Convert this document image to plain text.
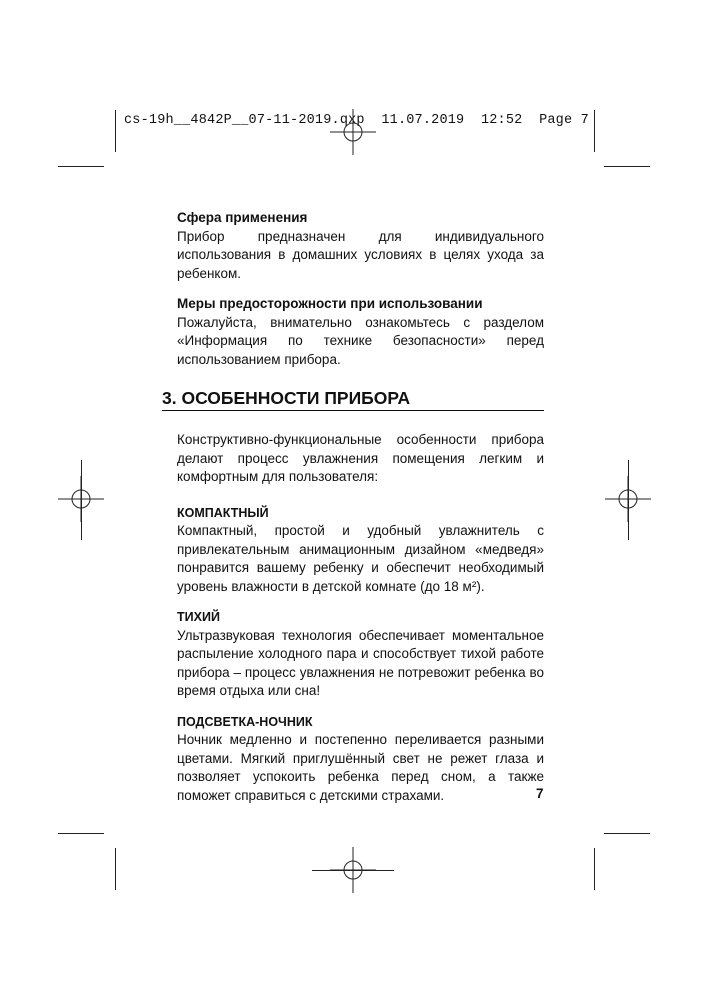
cs-19h__4842P__07-11-2019.qxp  11.07.2019  12:52  Page 7

Сфера применения

Прибор предназначен для индивидуального использования в домашних условиях в целях ухода за ребенком.

Меры предосторожности при использовании

Пожалуйста, внимательно ознакомьтесь с разделом «Информация по технике безопасности» перед использованием прибора.

3. ОСОБЕННОСТИ ПРИБОРА

Конструктивно-функциональные особенности прибора делают процесс увлажнения помещения легким и комфортным для пользователя:

КОМПАКТНЫЙ

Компактный, простой и удобный увлажнитель с привлекательным анимационным дизайном «медведя» понравится вашему ребенку и обеспечит необходимый уровень влажности в детской комнате (до 18 м²).

ТИХИЙ

Ультразвуковая технология обеспечивает моментальное распыление холодного пара и способствует тихой работе прибора – процесс увлажнения не потревожит ребенка во время отдыха или сна!

ПОДСВЕТКА-НОЧНИК

Ночник медленно и постепенно переливается разными цветами. Мягкий приглушённый свет не режет глаза и позволяет успокоить ребенка перед сном, а также поможет справиться с детскими страхами.	7
